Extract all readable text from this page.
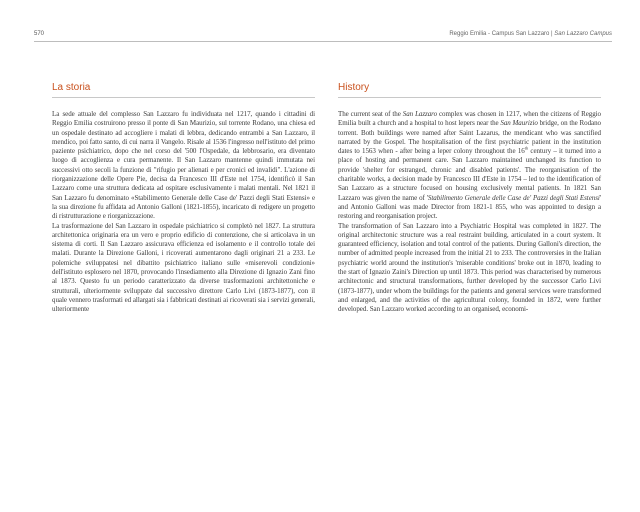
570	Reggio Emilia - Campus San Lazzaro | San Lazzaro Campus
La storia

La sede attuale del complesso San Lazzaro fu individuata nel 1217, quando i cittadini di Reggio Emilia costruirono presso il ponte di San Maurizio, sul torrente Rodano, una chiesa ed un ospedale destinato ad accogliere i malati di lebbra, dedicando entrambi a San Lazzaro, il mendico, poi fatto santo, di cui narra il Vangelo. Risale al 1536 l'ingresso nell'istituto del primo paziente psichiatrico, dopo che nel corso del '500 l'Ospedale, da lebbrosario, era diventato luogo di accoglienza e cura permanente. Il San Lazzaro mantenne quindi immutata nei successivi otto secoli la funzione di "rifugio per alienati e per cronici ed invalidi". L'azione di riorganizzazione delle Opere Pie, decisa da Francesco III d'Este nel 1754, identificò il San Lazzaro come una struttura dedicata ad ospitare esclusivamente i malati mentali. Nel 1821 il San Lazzaro fu denominato «Stabilimento Generale delle Case de' Pazzi degli Stati Estensi» e la sua direzione fu affidata ad Antonio Galloni (1821-1855), incaricato di redigere un progetto di ristrutturazione e riorganizzazione.

La trasformazione del San Lazzaro in ospedale psichiatrico si completò nel 1827. La struttura architettonica originaria era un vero e proprio edificio di contenzione, che si articolava in un sistema di corti. Il San Lazzaro assicurava efficienza ed isolamento e il controllo totale dei malati. Durante la Direzione Galloni, i ricoverati aumentarono dagli originari 21 a 233. Le polemiche sviluppatesi nel dibattito psichiatrico italiano sulle «miserevoli condizioni» dell'istituto esplosero nel 1870, provocando l'insediamento alla Direzione di Ignazio Zani fino al 1873. Questo fu un periodo caratterizzato da diverse trasformazioni architettoniche e strutturali, ulteriormente sviluppate dal successivo direttore Carlo Livi (1873-1877), con il quale vennero trasformati ed allargati sia i fabbricati destinati ai ricoverati sia i servizi generali, ulteriormente

History

The current seat of the San Lazzaro complex was chosen in 1217, when the citizens of Reggio Emilia built a church and a hospital to host lepers near the San Maurizio bridge, on the Rodano torrent. Both buildings were named after Saint Lazarus, the mendicant who was sanctified narrated by the Gospel. The hospitalisation of the first psychiatric patient in the institution dates to 1563 when - after being a leper colony throughout the 16th century – it turned into a place of hosting and permanent care. San Lazzaro maintained unchanged its function to provide 'shelter for estranged, chronic and disabled patients'. The reorganisation of the charitable works, a decision made by Francesco III d'Este in 1754 – led to the identification of San Lazzaro as a structure focused on housing exclusively mental patients. In 1821 San Lazzaro was given the name of 'Stabilimento Generale delle Case de' Pazzi degli Stati Estensi' and Antonio Galloni was made Director from 1821-1 855, who was appointed to design a restoring and reorganisation project.

The transformation of San Lazzaro into a Psychiatric Hospital was completed in 1827. The original architectonic structure was a real restraint building, articulated in a court system. It guaranteed efficiency, isolation and total control of the patients. During Galloni's direction, the number of admitted people increased from the initial 21 to 233. The controversies in the Italian psychiatric world around the institution's 'miserable conditions' broke out in 1870, leading to the start of Ignazio Zaini's Direction up until 1873. This period was characterised by numerous architectonic and structural transformations, further developed by the successor Carlo Livi (1873-1877), under whom the buildings for the patients and general services were transformed and enlarged, and the activities of the agricultural colony, founded in 1872, were further developed. San Lazzaro worked according to an organised, economi-
